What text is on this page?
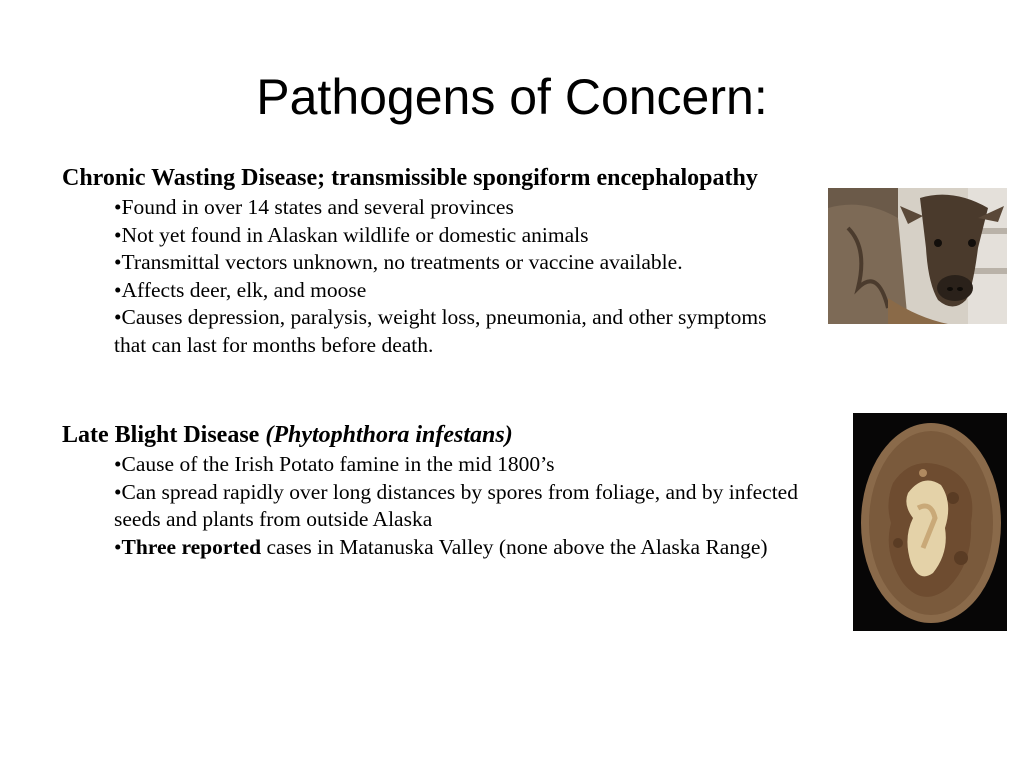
Pathogens of Concern:

Chronic Wasting Disease; transmissible spongiform encephalopathy

•Found in over 14 states and several provinces
•Not yet found in Alaskan wildlife or domestic animals
•Transmittal vectors unknown, no treatments or vaccine available.
•Affects deer, elk, and moose
•Causes depression, paralysis, weight loss, pneumonia, and other symptoms that can last for months before death.

Late Blight Disease (Phytophthora infestans)

•Cause of the Irish Potato famine in the mid 1800’s
•Can spread rapidly over long distances by spores from foliage, and by infected seeds and plants from outside Alaska
•Three reported cases in Matanuska Valley (none above the Alaska Range)
